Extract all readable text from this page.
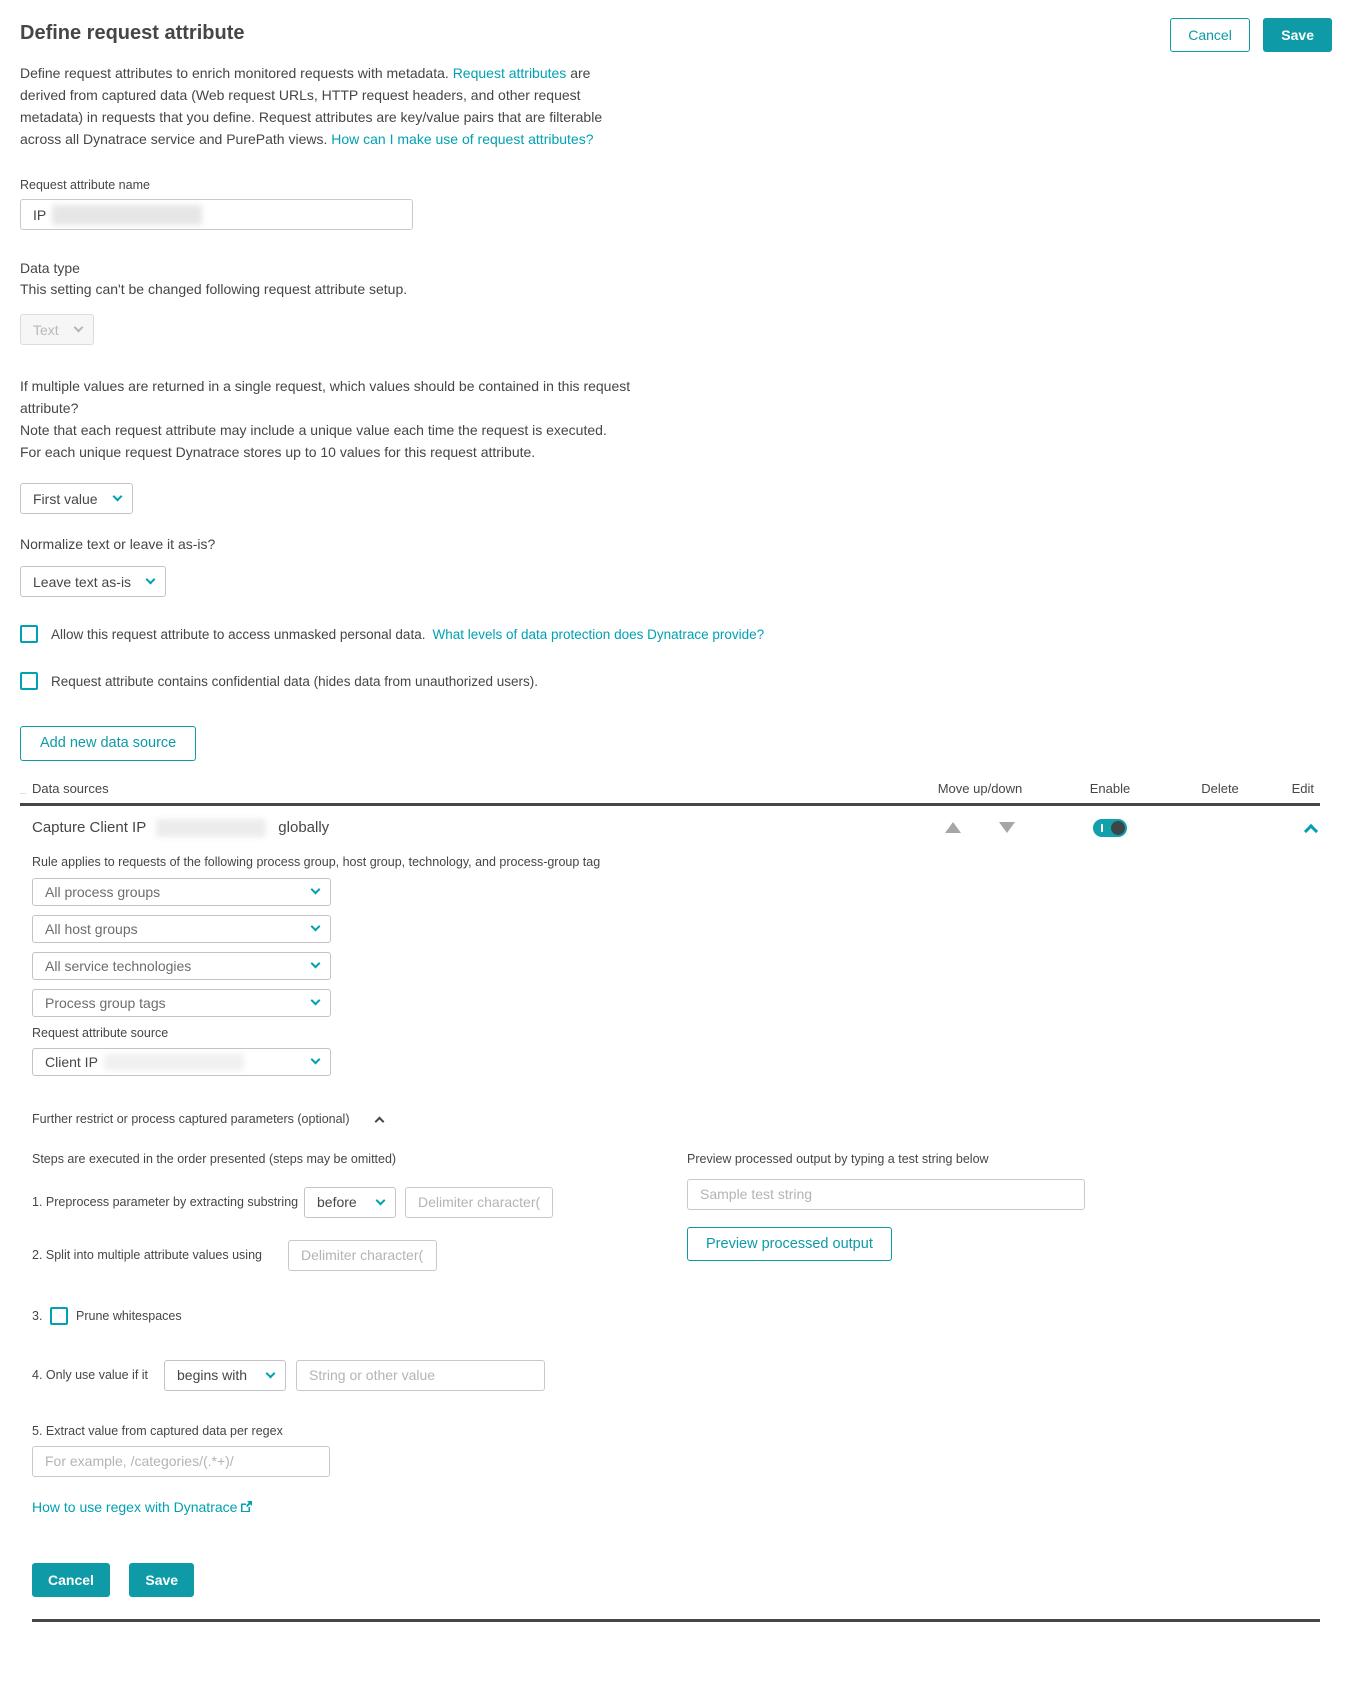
Define request attribute	Cancel	Save

Define request attributes to enrich monitored requests with metadata. Request attributes are derived from captured data (Web request URLs, HTTP request headers, and other request metadata) in requests that you define. Request attributes are key/value pairs that are filterable across all Dynatrace service and PurePath views. How can I make use of request attributes?

Request attribute name
IP
Data type
This setting can't be changed following request attribute setup.
Text
If multiple values are returned in a single request, which values should be contained in this request attribute?
Note that each request attribute may include a unique value each time the request is executed.
For each unique request Dynatrace stores up to 10 values for this request attribute.
First value
Normalize text or leave it as-is?
Leave text as-is
Allow this request attribute to access unmasked personal data. What levels of data protection does Dynatrace provide?
Request attribute contains confidential data (hides data from unauthorized users).
Add new data source
Data sources	Move up/down	Enable	Delete	Edit
Capture Client IP	globally
Rule applies to requests of the following process group, host group, technology, and process-group tag
All process groups
All host groups
All service technologies
Process group tags
Request attribute source
Client IP
Further restrict or process captured parameters (optional)
Steps are executed in the order presented (steps may be omitted)
1. Preprocess parameter by extracting substring	before
Delimiter character(
2. Split into multiple attribute values using
Delimiter character(
3.	Prune whitespaces
4. Only use value if it	begins with
String or other value
5. Extract value from captured data per regex
For example, /categories/(.*+)/
How to use regex with Dynatrace
Preview processed output by typing a test string below
Sample test string
Preview processed output
Cancel	Save
